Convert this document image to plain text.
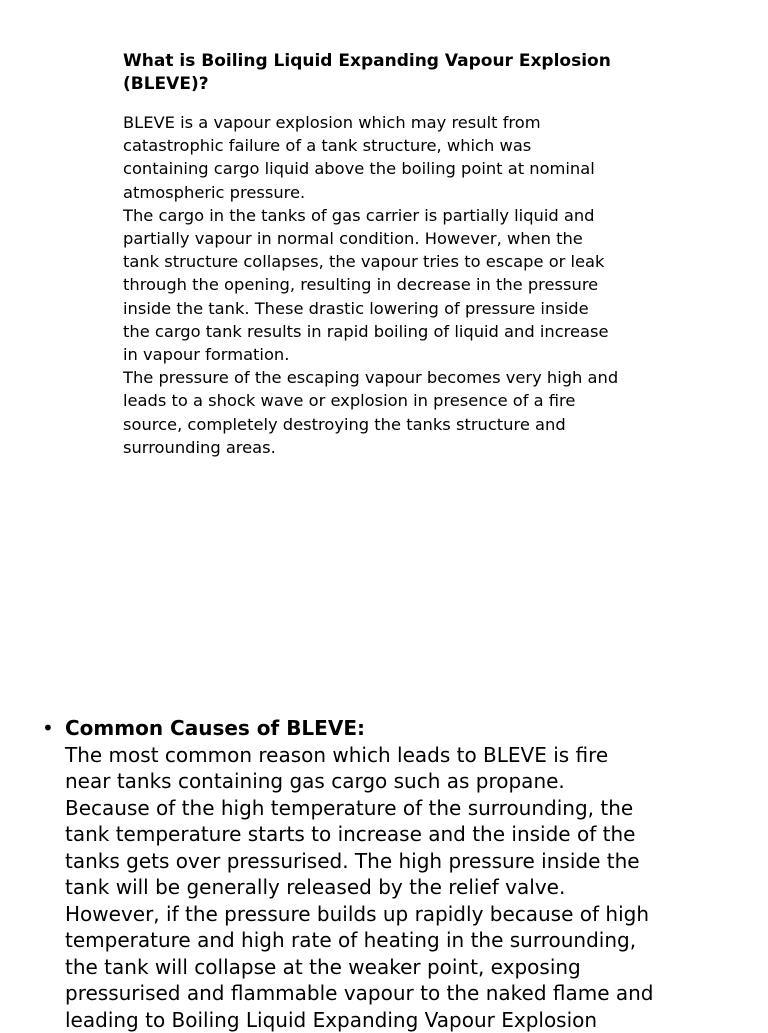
What is Boiling Liquid Expanding Vapour Explosion
(BLEVE)?

BLEVE is a vapour explosion which may result from
catastrophic failure of a tank structure, which was
containing cargo liquid above the boiling point at nominal
atmospheric pressure.

The cargo in the tanks of gas carrier is partially liquid and
partially vapour in normal condition. However, when the
tank structure collapses, the vapour tries to escape or leak
through the opening, resulting in decrease in the pressure
inside the tank. These drastic lowering of pressure inside
the cargo tank results in rapid boiling of liquid and increase
in vapour formation.

The pressure of the escaping vapour becomes very high and
leads to a shock wave or explosion in presence of a fire
source, completely destroying the tanks structure and
surrounding areas.

• Common Causes of BLEVE:

The most common reason which leads to BLEVE is fire
near tanks containing gas cargo such as propane.
Because of the high temperature of the surrounding, the
tank temperature starts to increase and the inside of the
tanks gets over pressurised. The high pressure inside the
tank will be generally released by the relief valve.
However, if the pressure builds up rapidly because of high
temperature and high rate of heating in the surrounding,
the tank will collapse at the weaker point, exposing
pressurised and flammable vapour to the naked flame and
leading to Boiling Liquid Expanding Vapour Explosion
